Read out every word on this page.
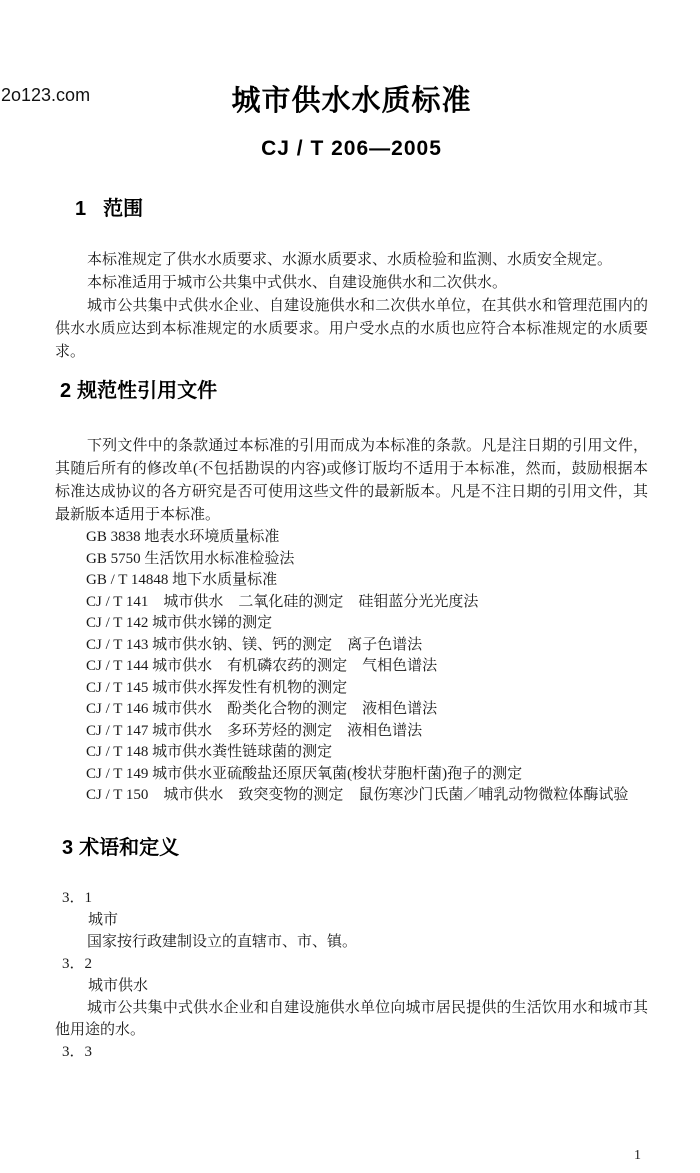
2o123.com	城市供水水质标准
CJ / T 206—2005
1 范围

本标准规定了供水水质要求、水源水质要求、水质检验和监测、水质安全规定。

本标准适用于城市公共集中式供水、自建设施供水和二次供水。

城市公共集中式供水企业、自建设施供水和二次供水单位，在其供水和管理范围内的供水水质应达到本标准规定的水质要求。用户受水点的水质也应符合本标准规定的水质要求。

2 规范性引用文件

下列文件中的条款通过本标准的引用而成为本标准的条款。凡是注日期的引用文件，其随后所有的修改单(不包括勘误的内容)或修订版均不适用于本标准，然而，鼓励根据本标准达成协议的各方研究是否可使用这些文件的最新版本。凡是不注日期的引用文件，其最新版本适用于本标准。

GB 3838 地表水环境质量标准
GB 5750 生活饮用水标准检验法
GB / T 14848 地下水质量标准
CJ / T 141　城市供水　二氧化硅的测定　硅钼蓝分光光度法
CJ / T 142 城市供水锑的测定
CJ / T 143 城市供水钠、镁、钙的测定　离子色谱法
CJ / T 144 城市供水　有机磷农药的测定　气相色谱法
CJ / T 145 城市供水挥发性有机物的测定
CJ / T 146 城市供水　酚类化合物的测定　液相色谱法
CJ / T 147 城市供水　多环芳烃的测定　液相色谱法
CJ / T 148 城市供水粪性链球菌的测定
CJ / T 149 城市供水亚硫酸盐还原厌氧菌(梭状芽胞杆菌)孢子的测定
CJ / T 150　城市供水　致突变物的测定　鼠伤寒沙门氏菌／哺乳动物微粒体酶试验
3 术语和定义
3．1
城市

国家按行政建制设立的直辖市、市、镇。

3．2
城市供水

城市公共集中式供水企业和自建设施供水单位向城市居民提供的生活饮用水和城市其他用途的水。

3．3
1
